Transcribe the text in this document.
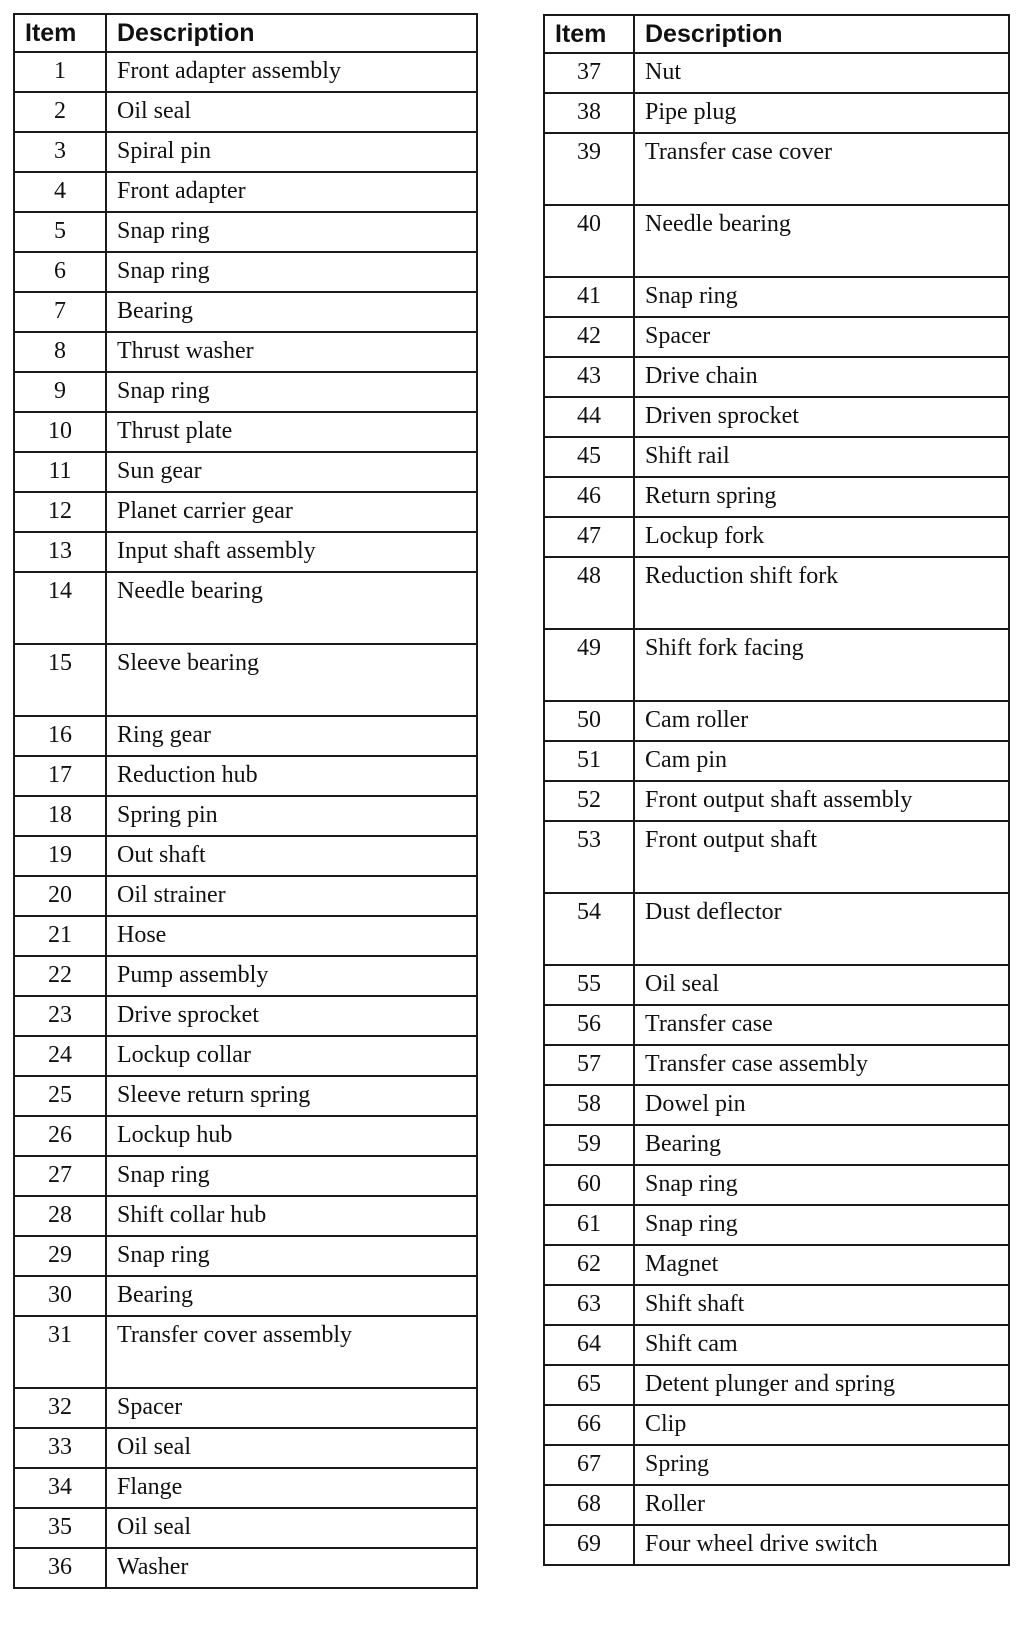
Item	Description
1	Front adapter assembly
2	Oil seal
3	Spiral pin
4	Front adapter
5	Snap ring
6	Snap ring
7	Bearing
8	Thrust washer
9	Snap ring
10	Thrust plate
11	Sun gear
12	Planet carrier gear
13	Input shaft assembly
14	Needle bearing
15	Sleeve bearing
16	Ring gear
17	Reduction hub
18	Spring pin
19	Out shaft
20	Oil strainer
21	Hose
22	Pump assembly
23	Drive sprocket
24	Lockup collar
25	Sleeve return spring
26	Lockup hub
27	Snap ring
28	Shift collar hub
29	Snap ring
30	Bearing
31	Transfer cover assembly
32	Spacer
33	Oil seal
34	Flange
35	Oil seal
36	Washer
Item	Description
37	Nut
38	Pipe plug
39	Transfer case cover
40	Needle bearing
41	Snap ring
42	Spacer
43	Drive chain
44	Driven sprocket
45	Shift rail
46	Return spring
47	Lockup fork
48	Reduction shift fork
49	Shift fork facing
50	Cam roller
51	Cam pin
52	Front output shaft assembly
53	Front output shaft
54	Dust deflector
55	Oil seal
56	Transfer case
57	Transfer case assembly
58	Dowel pin
59	Bearing
60	Snap ring
61	Snap ring
62	Magnet
63	Shift shaft
64	Shift cam
65	Detent plunger and spring
66	Clip
67	Spring
68	Roller
69	Four wheel drive switch
